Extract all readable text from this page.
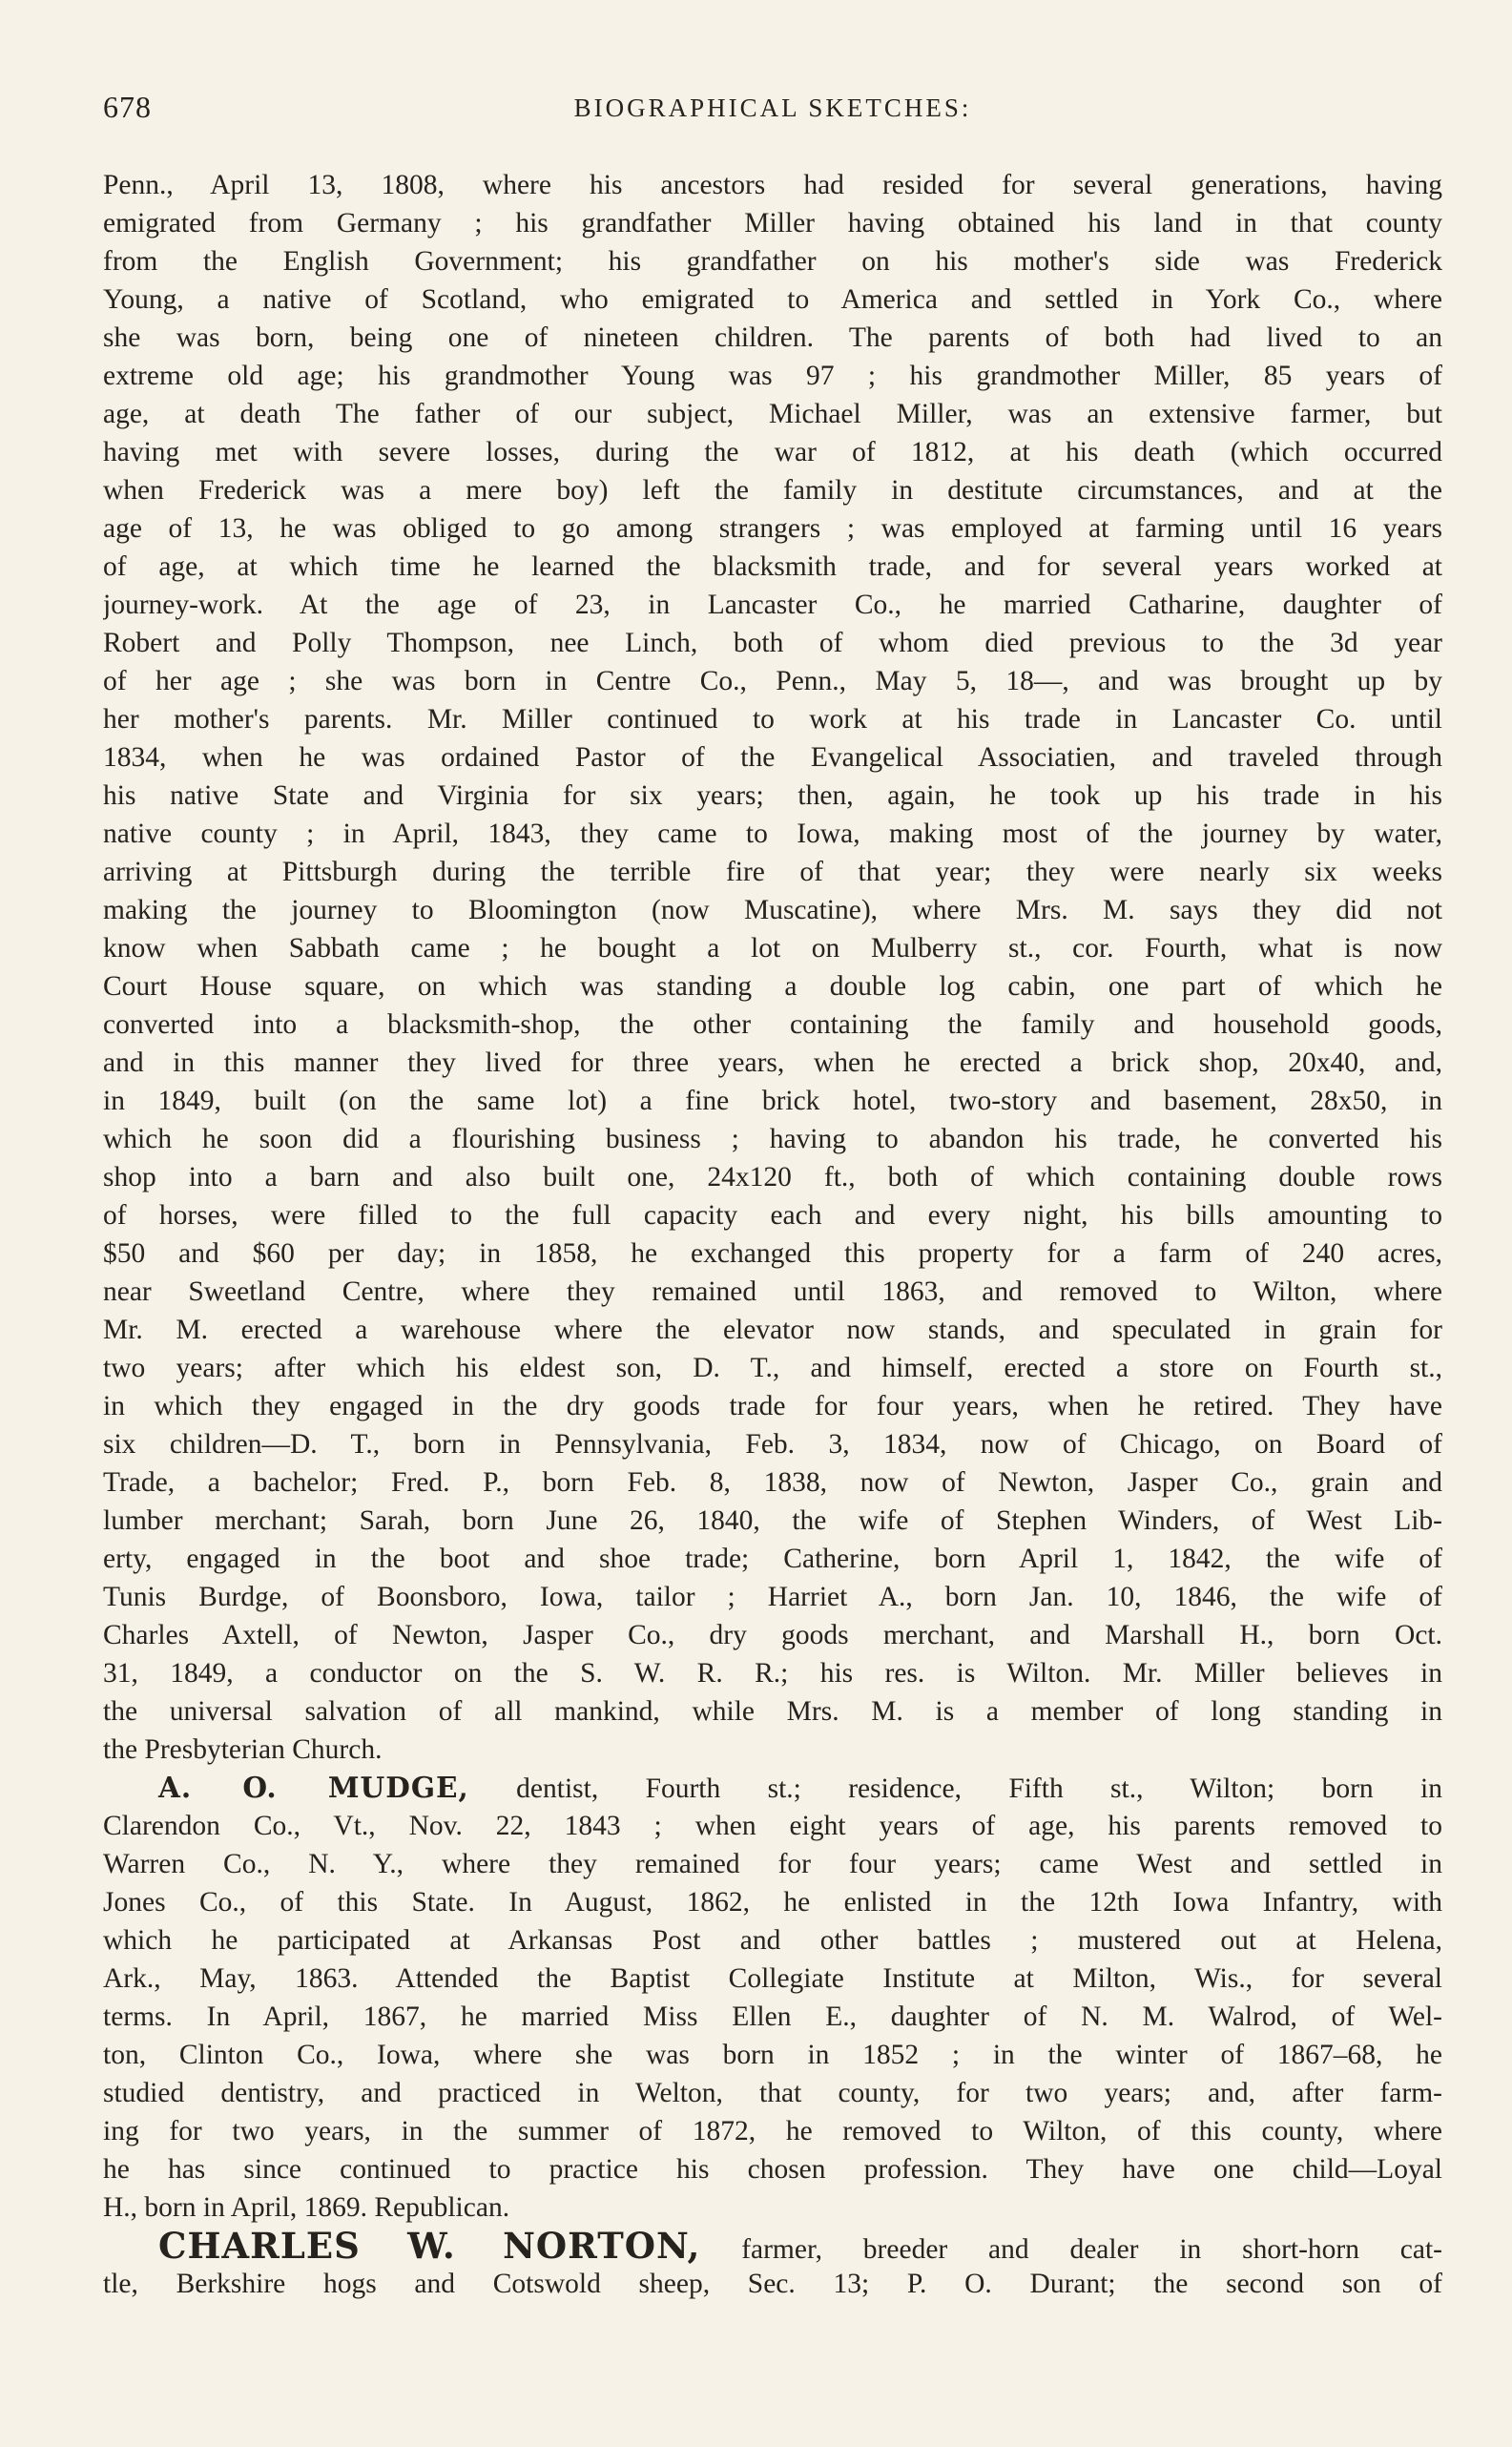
678	BIOGRAPHICAL SKETCHES:
Penn., April 13, 1808, where his ancestors had resided for several generations, having
emigrated from Germany ; his grandfather Miller having obtained his land in that county
from the English Government; his grandfather on his mother's side was Frederick
Young, a native of Scotland, who emigrated to America and settled in York Co., where
she was born, being one of nineteen children. The parents of both had lived to an
extreme old age; his grandmother Young was 97 ; his grandmother Miller, 85 years of
age, at death The father of our subject, Michael Miller, was an extensive farmer, but
having met with severe losses, during the war of 1812, at his death (which occurred
when Frederick was a mere boy) left the family in destitute circumstances, and at the
age of 13, he was obliged to go among strangers ; was employed at farming until 16 years
of age, at which time he learned the blacksmith trade, and for several years worked at
journey-work. At the age of 23, in Lancaster Co., he married Catharine, daughter of
Robert and Polly Thompson, nee Linch, both of whom died previous to the 3d year
of her age ; she was born in Centre Co., Penn., May 5, 18—, and was brought up by
her mother's parents. Mr. Miller continued to work at his trade in Lancaster Co. until
1834, when he was ordained Pastor of the Evangelical Associatien, and traveled through
his native State and Virginia for six years; then, again, he took up his trade in his
native county ; in April, 1843, they came to Iowa, making most of the journey by water,
arriving at Pittsburgh during the terrible fire of that year; they were nearly six weeks
making the journey to Bloomington (now Muscatine), where Mrs. M. says they did not
know when Sabbath came ; he bought a lot on Mulberry st., cor. Fourth, what is now
Court House square, on which was standing a double log cabin, one part of which he
converted into a blacksmith-shop, the other containing the family and household goods,
and in this manner they lived for three years, when he erected a brick shop, 20x40, and,
in 1849, built (on the same lot) a fine brick hotel, two-story and basement, 28x50, in
which he soon did a flourishing business ; having to abandon his trade, he converted his
shop into a barn and also built one, 24x120 ft., both of which containing double rows
of horses, were filled to the full capacity each and every night, his bills amounting to
$50 and $60 per day; in 1858, he exchanged this property for a farm of 240 acres,
near Sweetland Centre, where they remained until 1863, and removed to Wilton, where
Mr. M. erected a warehouse where the elevator now stands, and speculated in grain for
two years; after which his eldest son, D. T., and himself, erected a store on Fourth st.,
in which they engaged in the dry goods trade for four years, when he retired. They have
six children—D. T., born in Pennsylvania, Feb. 3, 1834, now of Chicago, on Board of
Trade, a bachelor; Fred. P., born Feb. 8, 1838, now of Newton, Jasper Co., grain and
lumber merchant; Sarah, born June 26, 1840, the wife of Stephen Winders, of West Lib-
erty, engaged in the boot and shoe trade; Catherine, born April 1, 1842, the wife of
Tunis Burdge, of Boonsboro, Iowa, tailor ; Harriet A., born Jan. 10, 1846, the wife of
Charles Axtell, of Newton, Jasper Co., dry goods merchant, and Marshall H., born Oct.
31, 1849, a conductor on the S. W. R. R.; his res. is Wilton. Mr. Miller believes in
the universal salvation of all mankind, while Mrs. M. is a member of long standing in
the Presbyterian Church.
A. O. MUDGE, dentist, Fourth st.; residence, Fifth st., Wilton; born in
Clarendon Co., Vt., Nov. 22, 1843 ; when eight years of age, his parents removed to
Warren Co., N. Y., where they remained for four years; came West and settled in
Jones Co., of this State. In August, 1862, he enlisted in the 12th Iowa Infantry, with
which he participated at Arkansas Post and other battles ; mustered out at Helena,
Ark., May, 1863. Attended the Baptist Collegiate Institute at Milton, Wis., for several
terms. In April, 1867, he married Miss Ellen E., daughter of N. M. Walrod, of Wel-
ton, Clinton Co., Iowa, where she was born in 1852 ; in the winter of 1867–68, he
studied dentistry, and practiced in Welton, that county, for two years; and, after farm-
ing for two years, in the summer of 1872, he removed to Wilton, of this county, where
he has since continued to practice his chosen profession. They have one child—Loyal
H., born in April, 1869. Republican.
CHARLES W. NORTON, farmer, breeder and dealer in short-horn cat-
tle, Berkshire hogs and Cotswold sheep, Sec. 13; P. O. Durant; the second son of
